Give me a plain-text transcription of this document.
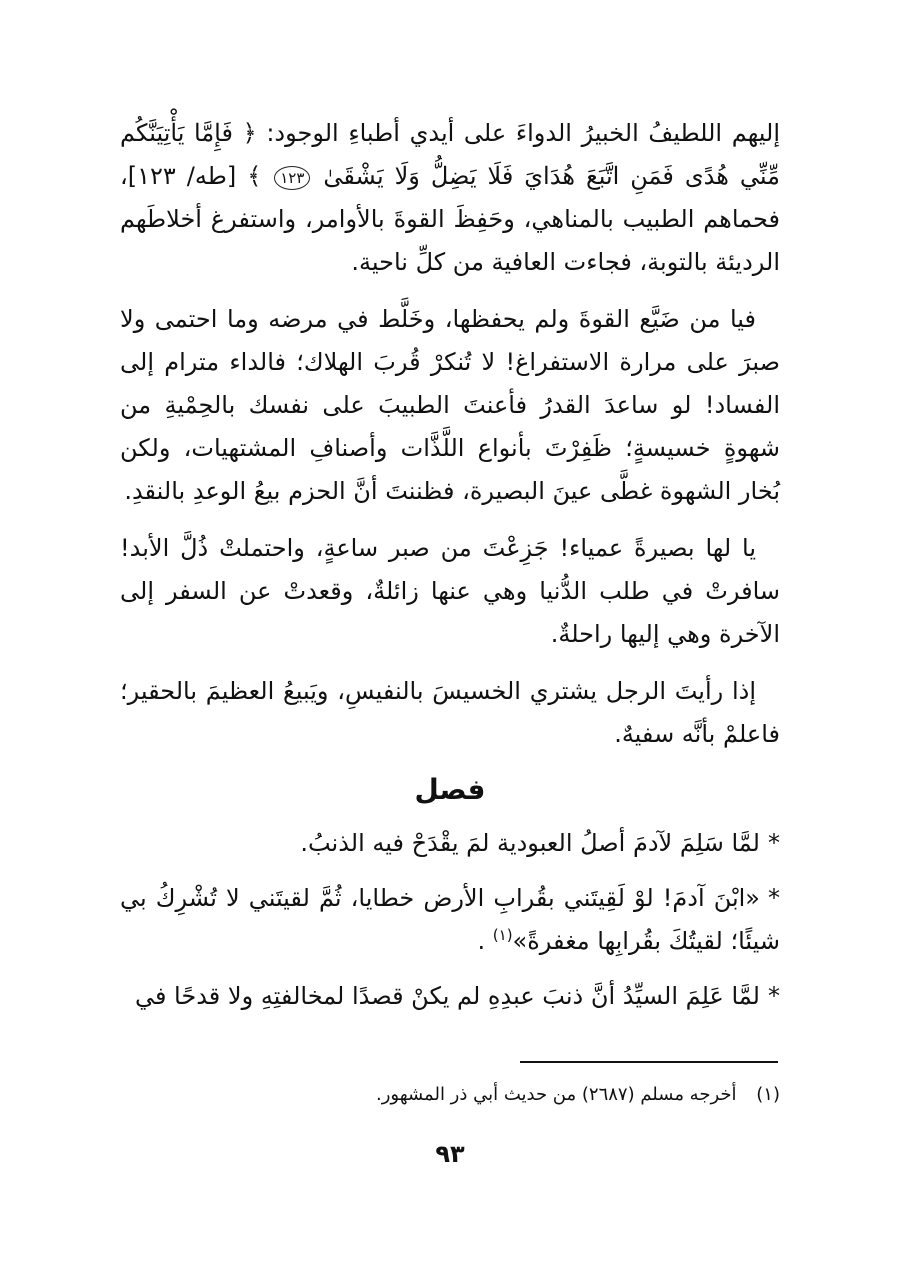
إليهم اللطيفُ الخبيرُ الدواءَ على أيدي أطباءِ الوجود: ﴿ فَإِمَّا يَأْتِيَنَّكُم مِّنِّي هُدًى فَمَنِ اتَّبَعَ هُدَايَ فَلَا يَضِلُّ وَلَا يَشْقَىٰ ١٢٣ ﴾ [طه/ ١٢٣]، فحماهم الطبيب بالمناهي، وحَفِظَ القوةَ بالأوامر، واستفرغ أخلاطَهم الرديئة بالتوبة، فجاءت العافية من كلِّ ناحية.

فيا من ضَيَّع القوةَ ولم يحفظها، وخَلَّط في مرضه وما احتمى ولا صبرَ على مرارة الاستفراغ! لا تُنكرْ قُربَ الهلاك؛ فالداء مترام إلى الفساد! لو ساعدَ القدرُ فأعنتَ الطبيبَ على نفسك بالحِمْيةِ من شهوةٍ خسيسةٍ؛ ظَفِرْتَ بأنواع اللَّذَّات وأصنافِ المشتهيات، ولكن بُخار الشهوة غطَّى عينَ البصيرة، فظننتَ أنَّ الحزم بيعُ الوعدِ بالنقدِ.

يا لها بصيرةً عمياء! جَزِعْتَ من صبر ساعةٍ، واحتملتْ ذُلَّ الأبد! سافرتْ في طلب الدُّنيا وهي عنها زائلةٌ، وقعدتْ عن السفر إلى الآخرة وهي إليها راحلةٌ.

إذا رأيتَ الرجل يشتري الخسيسَ بالنفيسِ، ويَبيعُ العظيمَ بالحقير؛ فاعلمْ بأنَّه سفيهٌ.

فصل

*لمَّا سَلِمَ لآدمَ أصلُ العبودية لمَ يقْدَحْ فيه الذنبُ.

*«ابْنَ آدمَ! لوْ لَقِيتَني بقُرابِ الأرض خطايا، ثُمَّ لقيتَني لا تُشْرِكُ بي شيئًا؛ لقيتُكَ بقُرابِها مغفرةً»$^{(١)}$ .

*لمَّا عَلِمَ السيِّدُ أنَّ ذنبَ عبدِهِ لم يكنْ قصدًا لمخالفتِهِ ولا قدحًا في

(١) أخرجه مسلم (٢٦٨٧) من حديث أبي ذر المشهور.
٩٣
